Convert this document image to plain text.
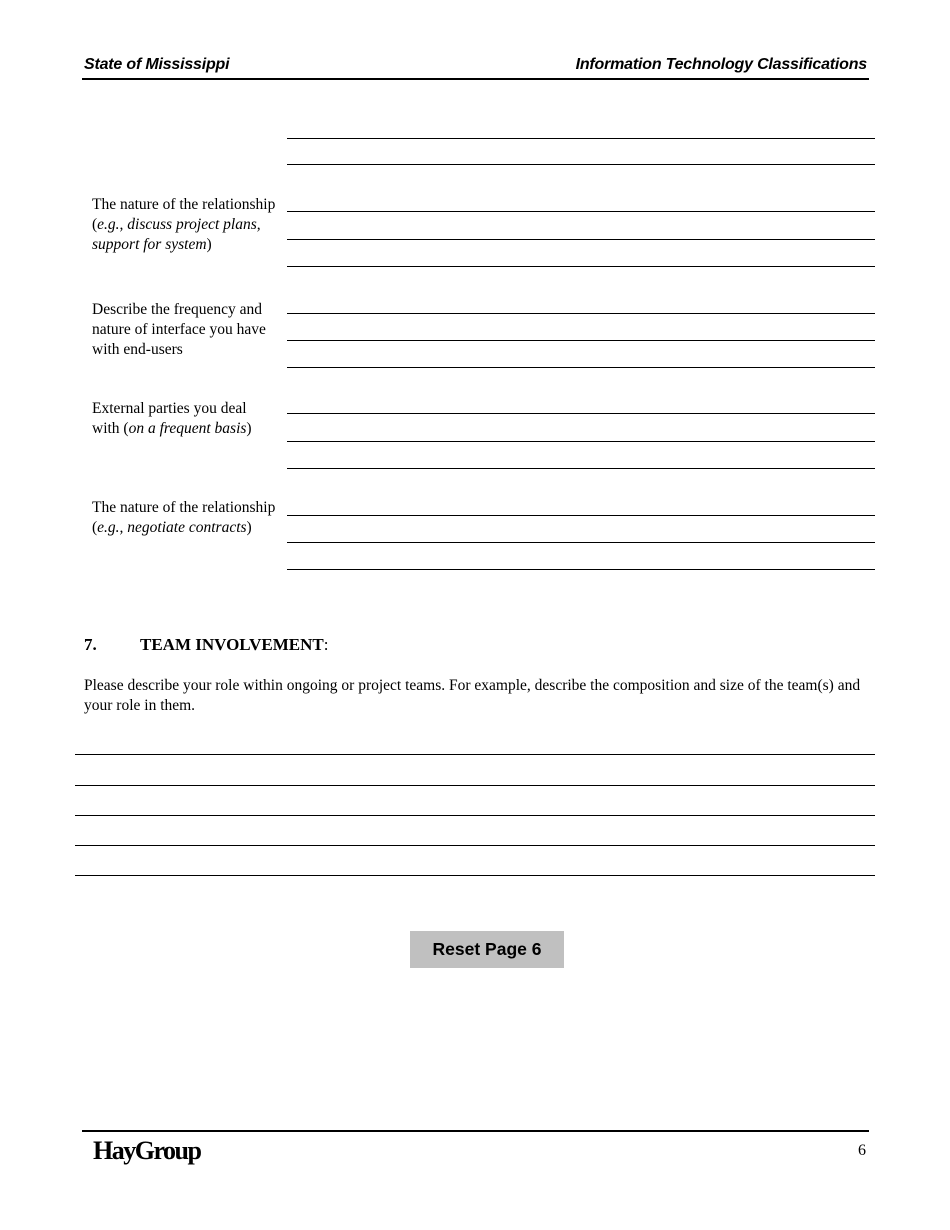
State of Mississippi	Information Technology Classifications
The nature of the relationship (e.g., discuss project plans, support for system)
Describe the frequency and nature of interface you have with end-users
External parties you deal with (on a frequent basis)
The nature of the relationship (e.g., negotiate contracts)
7.	TEAM INVOLVEMENT:
Please describe your role within ongoing or project teams. For example, describe the composition and size of the team(s) and your role in them.
Reset Page 6
HayGroup	6
